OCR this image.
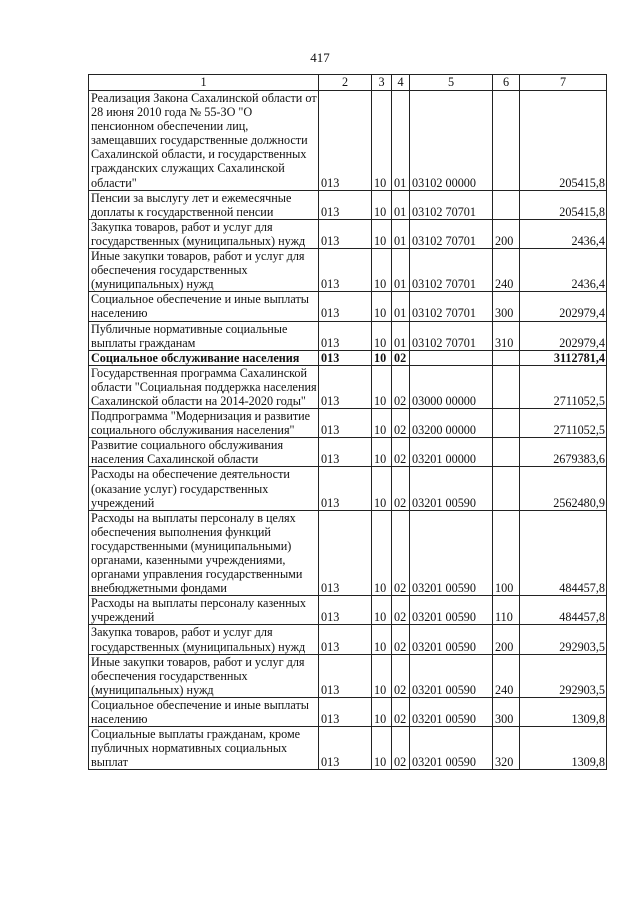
417
1	2	3	4	5	6	7
Реализация Закона Сахалинской области от 28 июня 2010 года № 55-ЗО "О пенсионном обеспечении лиц, замещавших государственные должности Сахалинской области, и государственных гражданских служащих Сахалинской области"	013	10	01	03102 00000		205415,8
Пенсии за выслугу лет и ежемесячные доплаты к государственной пенсии	013	10	01	03102 70701		205415,8
Закупка товаров, работ и услуг для государственных (муниципальных) нужд	013	10	01	03102 70701	200	2436,4
Иные закупки товаров, работ и услуг для обеспечения государственных (муниципальных) нужд	013	10	01	03102 70701	240	2436,4
Социальное обеспечение и иные выплаты населению	013	10	01	03102 70701	300	202979,4
Публичные нормативные социальные выплаты гражданам	013	10	01	03102 70701	310	202979,4
Социальное обслуживание населения	013	10	02			3112781,4
Государственная программа Сахалинской области "Социальная поддержка населения Сахалинской области на 2014-2020 годы"	013	10	02	03000 00000		2711052,5
Подпрограмма "Модернизация и развитие социального обслуживания населения"	013	10	02	03200 00000		2711052,5
Развитие социального обслуживания населения Сахалинской области	013	10	02	03201 00000		2679383,6
Расходы на обеспечение деятельности (оказание услуг) государственных учреждений	013	10	02	03201 00590		2562480,9
Расходы на выплаты персоналу в целях обеспечения выполнения функций государственными (муниципальными) органами, казенными учреждениями, органами управления государственными внебюджетными фондами	013	10	02	03201 00590	100	484457,8
Расходы на выплаты персоналу казенных учреждений	013	10	02	03201 00590	110	484457,8
Закупка товаров, работ и услуг для государственных (муниципальных) нужд	013	10	02	03201 00590	200	292903,5
Иные закупки товаров, работ и услуг для обеспечения государственных (муниципальных) нужд	013	10	02	03201 00590	240	292903,5
Социальное обеспечение и иные выплаты населению	013	10	02	03201 00590	300	1309,8
Социальные выплаты гражданам, кроме публичных нормативных социальных выплат	013	10	02	03201 00590	320	1309,8
